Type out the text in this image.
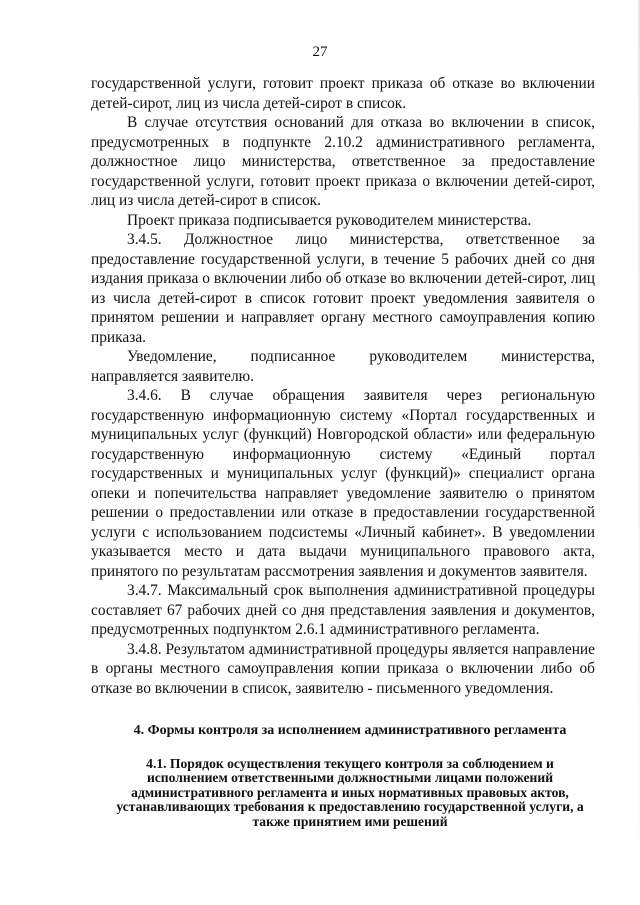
27

государственной услуги, готовит проект приказа об отказе во включении детей-сирот, лиц из числа детей-сирот в список.

В случае отсутствия оснований для отказа во включении в список, предусмотренных в подпункте 2.10.2 административного регламента, должностное лицо министерства, ответственное за предоставление государственной услуги, готовит проект приказа о включении детей-сирот, лиц из числа детей-сирот в список.

Проект приказа подписывается руководителем министерства.

3.4.5. Должностное лицо министерства, ответственное за предоставление государственной услуги, в течение 5 рабочих дней со дня издания приказа о включении либо об отказе во включении детей-сирот, лиц из числа детей-сирот в список готовит проект уведомления заявителя о принятом решении и направляет органу местного самоуправления копию приказа.

Уведомление, подписанное руководителем министерства, направляется заявителю.

3.4.6. В случае обращения заявителя через региональную государственную информационную систему «Портал государственных и муниципальных услуг (функций) Новгородской области» или федеральную государственную информационную систему «Единый портал государственных и муниципальных услуг (функций)» специалист органа опеки и попечительства направляет уведомление заявителю о принятом решении о предоставлении или отказе в предоставлении государственной услуги с использованием подсистемы «Личный кабинет». В уведомлении указывается место и дата выдачи муниципального правового акта, принятого по результатам рассмотрения заявления и документов заявителя.

3.4.7. Максимальный срок выполнения административной процедуры составляет 67 рабочих дней со дня представления заявления и документов, предусмотренных подпунктом 2.6.1 административного регламента.

3.4.8. Результатом административной процедуры является направление в органы местного самоуправления копии приказа о включении либо об отказе во включении в список, заявителю - письменного уведомления.

4. Формы контроля за исполнением административного регламента
4.1. Порядок осуществления текущего контроля за соблюдением и исполнением ответственными должностными лицами положений административного регламента и иных нормативных правовых актов, устанавливающих требования к предоставлению государственной услуги, а также принятием ими решений
